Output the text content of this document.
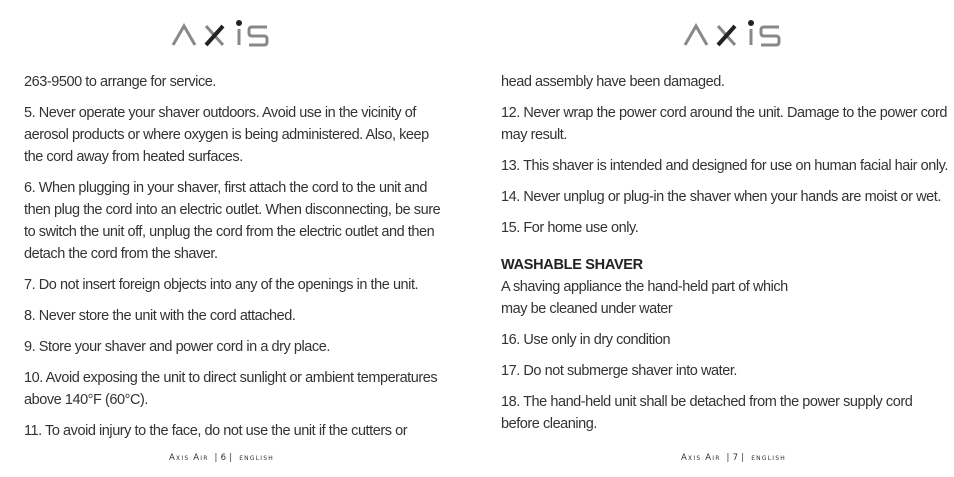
263-9500 to arrange for service.

5. Never operate your shaver outdoors. Avoid use in the vicinity of aerosol products or where oxygen is being administered. Also, keep the cord away from heated surfaces.

6. When plugging in your shaver, first attach the cord to the unit and then plug the cord into an electric outlet. When disconnecting, be sure to switch the unit off, unplug the cord from the electric outlet and then detach the cord from the shaver.

7. Do not insert foreign objects into any of the openings in the unit.

8. Never store the unit with the cord attached.

9. Store your shaver and power cord in a dry place.

10. Avoid exposing the unit to direct sunlight or ambient temperatures above 140°F (60°C).

11. To avoid injury to the face, do not use the unit if the cutters or

Axis Air | 6 | english

head assembly have been damaged.

12. Never wrap the power cord around the unit. Damage to the power cord may result.

13. This shaver is intended and designed for use on human facial hair only.

14. Never unplug or plug-in the shaver when your hands are moist or wet.

15. For home use only.

WASHABLE SHAVER

A shaving appliance the hand-held part of which
may be cleaned under water

16. Use only in dry condition

17. Do not submerge shaver into water.

18. The hand-held unit shall be detached from the power supply cord before cleaning.

Axis Air | 7 | english
